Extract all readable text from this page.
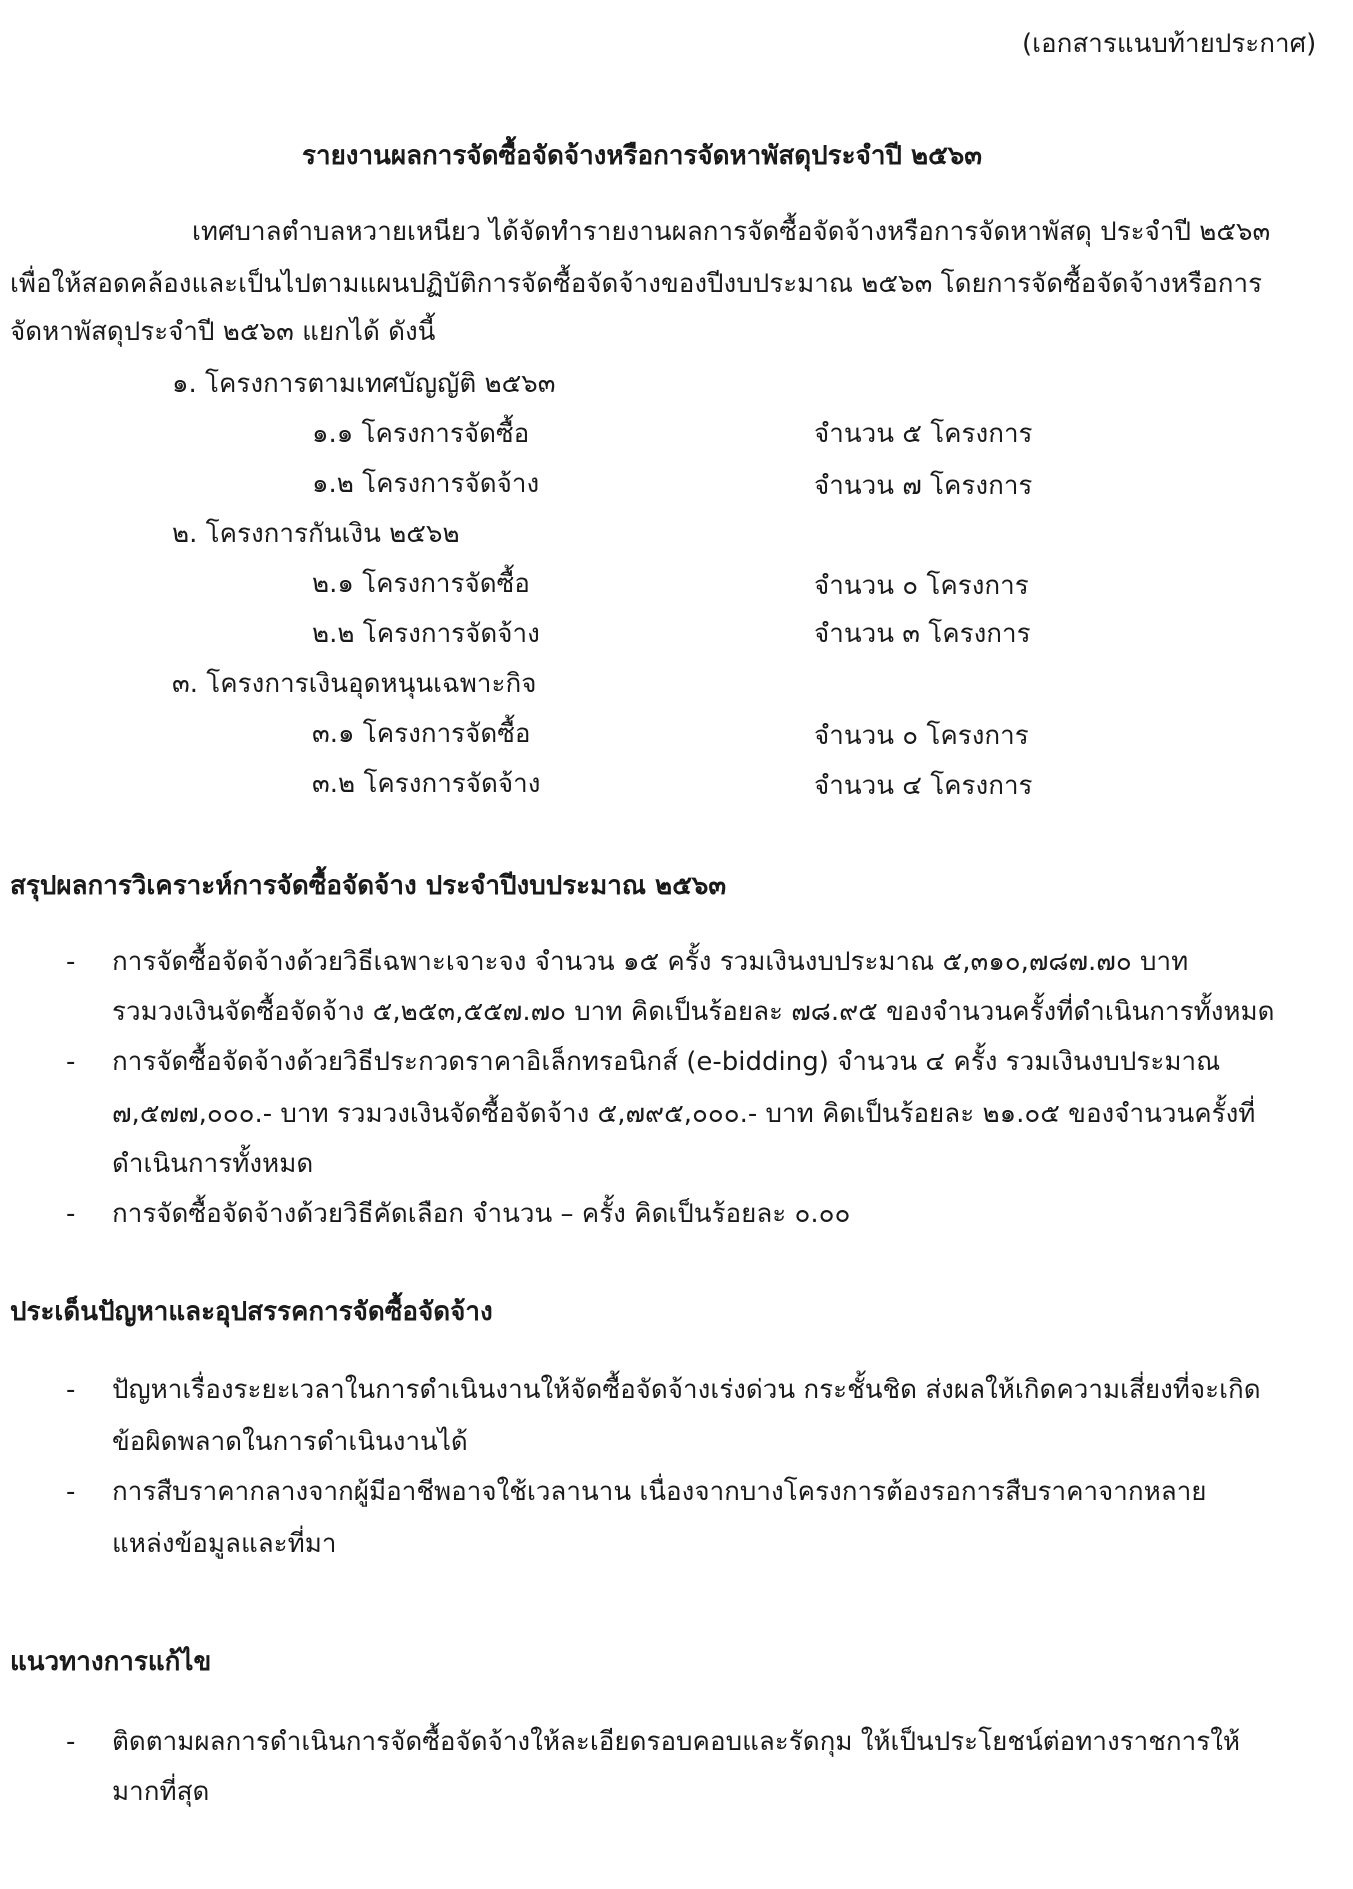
(เอกสารแนบท้ายประกาศ)
รายงานผลการจัดซื้อจัดจ้างหรือการจัดหาพัสดุประจำปี ๒๕๖๓
เทศบาลตำบลหวายเหนียว ได้จัดทำรายงานผลการจัดซื้อจัดจ้างหรือการจัดหาพัสดุ ประจำปี ๒๕๖๓
เพื่อให้สอดคล้องและเป็นไปตามแผนปฏิบัติการจัดซื้อจัดจ้างของปีงบประมาณ ๒๕๖๓ โดยการจัดซื้อจัดจ้างหรือการ
จัดหาพัสดุประจำปี ๒๕๖๓ แยกได้ ดังนี้
๑. โครงการตามเทศบัญญัติ ๒๕๖๓
๑.๑ โครงการจัดซื้อ	จำนวน ๕ โครงการ
๑.๒ โครงการจัดจ้าง	จำนวน ๗ โครงการ
๒. โครงการกันเงิน ๒๕๖๒
๒.๑ โครงการจัดซื้อ	จำนวน ๐ โครงการ
๒.๒ โครงการจัดจ้าง	จำนวน ๓ โครงการ
๓. โครงการเงินอุดหนุนเฉพาะกิจ
๓.๑ โครงการจัดซื้อ	จำนวน ๐ โครงการ
๓.๒ โครงการจัดจ้าง	จำนวน ๔ โครงการ
สรุปผลการวิเคราะห์การจัดซื้อจัดจ้าง ประจำปีงบประมาณ ๒๕๖๓
- การจัดซื้อจัดจ้างด้วยวิธีเฉพาะเจาะจง จำนวน ๑๕ ครั้ง รวมเงินงบประมาณ ๕,๓๑๐,๗๘๗.๗๐ บาท
รวมวงเงินจัดซื้อจัดจ้าง ๕,๒๕๓,๕๕๗.๗๐ บาท คิดเป็นร้อยละ ๗๘.๙๕ ของจำนวนครั้งที่ดำเนินการทั้งหมด
- การจัดซื้อจัดจ้างด้วยวิธีประกวดราคาอิเล็กทรอนิกส์ (e-bidding) จำนวน ๔ ครั้ง รวมเงินงบประมาณ
๗,๕๗๗,๐๐๐.- บาท รวมวงเงินจัดซื้อจัดจ้าง ๕,๗๙๕,๐๐๐.- บาท คิดเป็นร้อยละ ๒๑.๐๕ ของจำนวนครั้งที่
ดำเนินการทั้งหมด
- การจัดซื้อจัดจ้างด้วยวิธีคัดเลือก จำนวน – ครั้ง คิดเป็นร้อยละ ๐.๐๐
ประเด็นปัญหาและอุปสรรคการจัดซื้อจัดจ้าง
- ปัญหาเรื่องระยะเวลาในการดำเนินงานให้จัดซื้อจัดจ้างเร่งด่วน กระชั้นชิด ส่งผลให้เกิดความเสี่ยงที่จะเกิด
ข้อผิดพลาดในการดำเนินงานได้
- การสืบราคากลางจากผู้มีอาชีพอาจใช้เวลานาน เนื่องจากบางโครงการต้องรอการสืบราคาจากหลาย
แหล่งข้อมูลและที่มา
แนวทางการแก้ไข
- ติดตามผลการดำเนินการจัดซื้อจัดจ้างให้ละเอียดรอบคอบและรัดกุม ให้เป็นประโยชน์ต่อทางราชการให้
มากที่สุด
